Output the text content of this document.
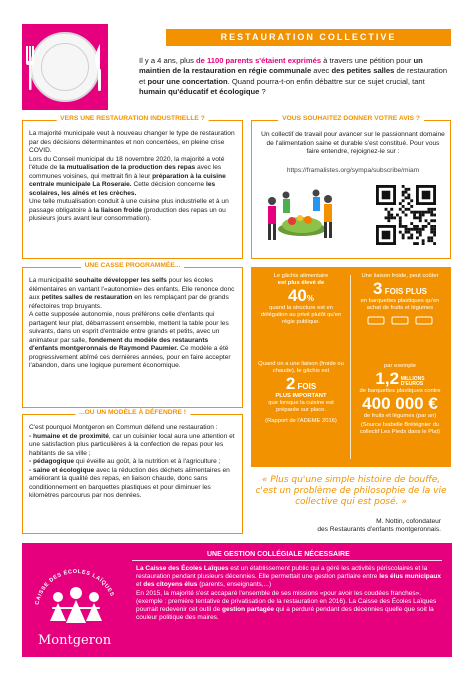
RESTAURATION COLLECTIVE
Il y a 4 ans, plus de 1100 parents s'étaient exprimés à travers une pétition pour un maintien de la restauration en régie communale avec des petites salles de restauration et pour une concertation. Quand pourra-t-on enfin débattre sur ce sujet crucial, tant humain qu'éducatif et écologique ?
VERS UNE RESTAURATION INDUSTRIELLE ?
La majorité municipale veut à nouveau changer le type de restauration par des décisions déterminantes et non concertées, en pleine crise COVID.
Lors du Conseil municipal du 18 novembre 2020, la majorité a voté l'étude de la mutualisation de la production des repas avec les communes voisines, qui mettrait fin à leur préparation à la cuisine centrale municipale La Roseraie. Cette décision concerne les scolaires, les aînés et les crèches.
Une telle mutualisation conduit à une cuisine plus industrielle et à un passage obligatoire à la liaison froide (production des repas un ou plusieurs jours avant leur consommation).
VOUS SOUHAITEZ DONNER VOTRE AVIS ?
Un collectif de travail pour avancer sur le passionnant domaine de l'alimentation saine et durable s'est constitué. Pour vous faire entendre, rejoignez-le sur :
https://framalistes.org/sympa/subscribe/miam
UNE CASSE PROGRAMMÉE...
La municipalité souhaite développer les selfs pour les écoles élémentaires en vantant l'«autonomie» des enfants. Elle renonce donc aux petites salles de restauration en les remplaçant par de grands réfectoires trop bruyants.
A cette supposée autonomie, nous préférons celle d'enfants qui partagent leur plat, débarrassent ensemble, mettent la table pour les suivants, dans un esprit d'entraide entre grands et petits, avec un animateur par salle, fondement du modèle des restaurants d'enfants montgeronnais de Raymond Paumier. Ce modèle a été progressivement abîmé ces dernières années, pour en faire accepter l'abandon, dans une logique purement économique.
...OU UN MODÈLE À DÉFENDRE !
C'est pourquoi Montgeron en Commun défend une restauration :
- humaine et de proximité, car un cuisinier local aura une attention et une satisfaction plus particulières à la confection de repas pour les habitants de sa ville ;
- pédagogique qui éveille au goût, à la nutrition et à l'agriculture ;
- saine et écologique avec la réduction des déchets alimentaires en améliorant la qualité des repas, en liaison chaude, donc sans conditionnement en barquettes plastiques et pour diminuer les kilomètres parcourus par nos denrées.
Le gâchis alimentaire
est plus élevé de
40%
quand la structure est en délégation au privé plutôt qu'en régie publique.
Quand on a une liaison (froide ou chaude), le gâchis est
2 FOIS
PLUS IMPORTANT
que lorsque la cuisine est préparée sur place.
(Rapport de l'ADEME 2016)
Une liaison froide, peut coûter
3 FOIS PLUS
en barquettes plastiques qu'en achat de fruits et légumes
par exemple
1,2 MILLIONS
D'EUROS
de barquettes plastiques contre
400 000 €
de fruits et légumes (par an)
(Source Isabelle Brétégnier du collectif Les Pieds dans le Plat)
« Plus qu'une simple histoire de bouffe, c'est un problème de philosophie de la vie collective qui est posé. »
M. Nottin, cofondateur
des Restaurants d'enfants montgeronnais.
UNE GESTION COLLÉGIALE NÉCESSAIRE
CAISSE DES ÉCOLES LAÏQUES
Montgeron
La Caisse des Écoles Laïques est un établissement public qui a géré les activités périscolaires et la restauration pendant plusieurs décennies. Elle permettait une gestion partiaire entre les élus municipaux et des citoyens élus (parents, enseignants,...)
En 2015, la majorité s'est accaparé l'ensemble de ses missions «pour avoir les coudées franches». (exemple : première tentative de privatisation de la restauration en 2016). La Caisse des Écoles Laïques pourrait redevenir cet outil de gestion partagée qui a perduré pendant des décennies quelle que soit la couleur politique des maires.
